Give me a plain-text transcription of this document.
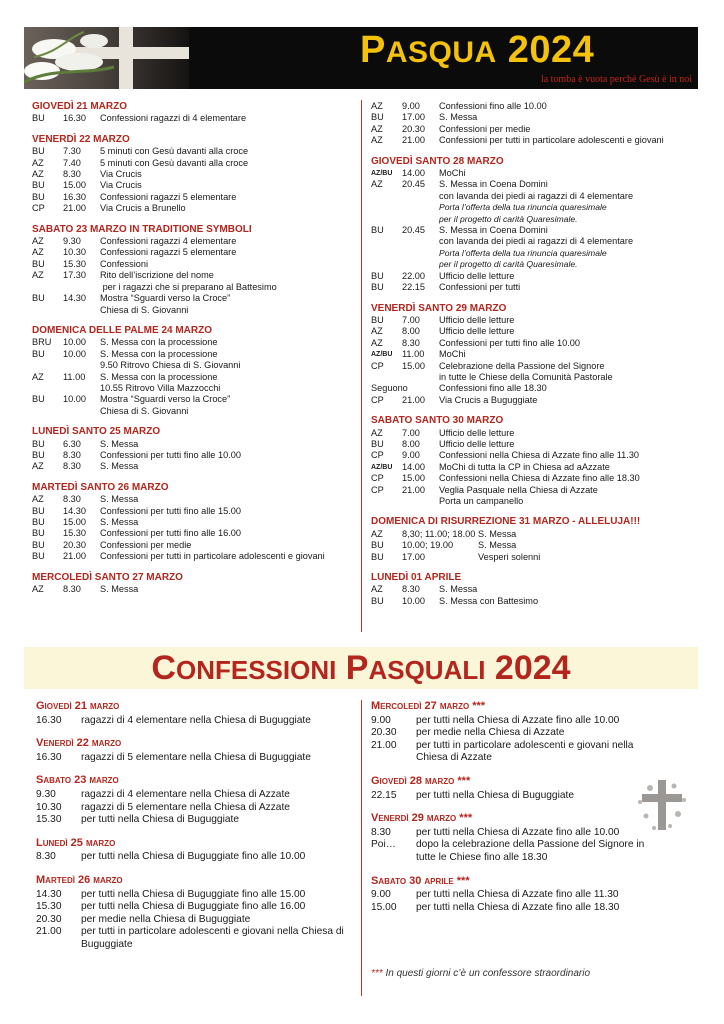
PASQUA 2024
la tomba è vuota perché Gesù è in noi
GIOVEDÌ 21 MARZO
BU	16.30	Confessioni ragazzi di 4 elementare
VENERDÌ 22 MARZO
BU	7.30	5 minuti con Gesù davanti alla croce
AZ	7.40	5 minuti con Gesù davanti alla croce
AZ	8.30	Via Crucis
BU	15.00	Via Crucis
BU	16.30	Confessioni ragazzi 5 elementare
CP	21.00	Via Crucis a Brunello
SABATO 23 MARZO IN TRADITIONE SYMBOLI
AZ	9.30	Confessioni ragazzi 4 elementare
AZ	10.30	Confessioni ragazzi 5 elementare
BU	15.30	Confessioni
AZ	17.30	Rito dell’iscrizione del nome
per i ragazzi che si preparano al Battesimo
BU	14.30	Mostra “Sguardi verso la Croce”
Chiesa di S. Giovanni
DOMENICA DELLE PALME 24 MARZO
BRU	10.00	S. Messa con la processione
BU	10.00	S. Messa con la processione
9.50 Ritrovo Chiesa di S. Giovanni
AZ	11.00	S. Messa con la processione
10.55 Ritrovo Villa Mazzocchi
BU	10.00	Mostra “Sguardi verso la Croce”
Chiesa di S. Giovanni
LUNEDÌ SANTO 25 MARZO
BU	6.30	S. Messa
BU	8.30	Confessioni per tutti fino alle 10.00
AZ	8.30	S. Messa
MARTEDÌ SANTO 26 MARZO
AZ	8.30	S. Messa
BU	14.30	Confessioni per tutti fino alle 15.00
BU	15.00	S. Messa
BU	15.30	Confessioni per tutti fino alle 16.00
BU	20.30	Confessioni per medie
BU	21.00	Confessioni per tutti in particolare adolescenti e giovani
MERCOLEDÌ SANTO 27 MARZO
AZ	8.30	S. Messa
AZ	9.00	Confessioni fino alle 10.00
BU	17.00	S. Messa
AZ	20.30	Confessioni per medie
AZ	21.00	Confessioni per tutti in particolare adolescenti e giovani
GIOVEDÌ SANTO 28 MARZO
AZ/BU	14.00	MoChi
AZ	20.45	S. Messa in Coena Domini
con lavanda dei piedi ai ragazzi di 4 elementare
Porta l’offerta della tua rinuncia quaresimale
per il progetto di carità Quaresimale.
BU	20.45	S. Messa in Coena Domini
con lavanda dei piedi ai ragazzi di 4 elementare
Porta l’offerta della tua rinuncia quaresimale
per il progetto di carità Quaresimale.
BU	22.00	Ufficio delle letture
BU	22.15	Confessioni per tutti
VENERDÌ SANTO 29 MARZO
BU	7.00	Ufficio delle letture
AZ	8.00	Ufficio delle letture
AZ	8.30	Confessioni per tutti fino alle 10.00
AZ/BU	11.00	MoChi
CP	15.00	Celebrazione della Passione del Signore
in tutte le Chiese della Comunità Pastorale
Seguono	Confessioni fino alle 18.30
CP	21.00	Via Crucis a Buguggiate
SABATO SANTO 30 MARZO
AZ	7.00	Ufficio delle letture
BU	8.00	Ufficio delle letture
CP	9.00	Confessioni nella Chiesa di Azzate fino alle 11.30
AZ/BU	14.00	MoChi di tutta la CP in Chiesa ad aAzzate
CP	15.00	Confessioni nella Chiesa di Azzate fino alle 18.30
CP	21.00	Veglia Pasquale nella Chiesa di Azzate
Porta un campanello
DOMENICA DI RISURREZIONE 31 MARZO - ALLELUJA!!!
AZ	8,30; 11.00; 18.00 S. Messa
BU	10.00; 19.00	S. Messa
BU	17.00	Vesperi solenni
LUNEDÌ 01 APRILE
AZ	8.30	S. Messa
BU	10.00	S. Messa con Battesimo
CONFESSIONI PASQUALI 2024
Giovedì 21 marzo
16.30	ragazzi di 4 elementare nella Chiesa di Buguggiate
Venerdì 22 marzo
16.30	ragazzi di 5 elementare nella Chiesa di Buguggiate
Sabato 23 marzo
9.30	ragazzi di 4 elementare nella Chiesa di Azzate
10.30	ragazzi di 5 elementare nella Chiesa di Azzate
15.30	per tutti nella Chiesa di Buguggiate
Lunedì 25 marzo
8.30	per tutti nella Chiesa di Buguggiate fino alle 10.00
Martedì 26 marzo
14.30	per tutti nella Chiesa di Buguggiate fino alle 15.00
15.30	per tutti nella Chiesa di Buguggiate fino alle 16.00
20.30	per medie nella Chiesa di Buguggiate
21.00	per tutti in particolare adolescenti e giovani nella Chiesa di Buguggiate
Mercoledì 27 marzo ***
9.00	per tutti nella Chiesa di Azzate fino alle 10.00
20.30	per medie nella Chiesa di Azzate
21.00	per tutti in particolare adolescenti e giovani nella Chiesa di Azzate
Giovedì 28 marzo ***
22.15	per tutti nella Chiesa di Buguggiate
Venerdì 29 marzo ***
8.30	per tutti nella Chiesa di Azzate fino alle 10.00
Poi…	dopo la celebrazione della Passione del Signore in tutte le Chiese fino alle 18.30
Sabato 30 aprile ***
9.00	per tutti nella Chiesa di Azzate fino alle 11.30
15.00	per tutti nella Chiesa di Azzate fino alle 18.30
*** In questi giorni c’è un confessore straordinario
